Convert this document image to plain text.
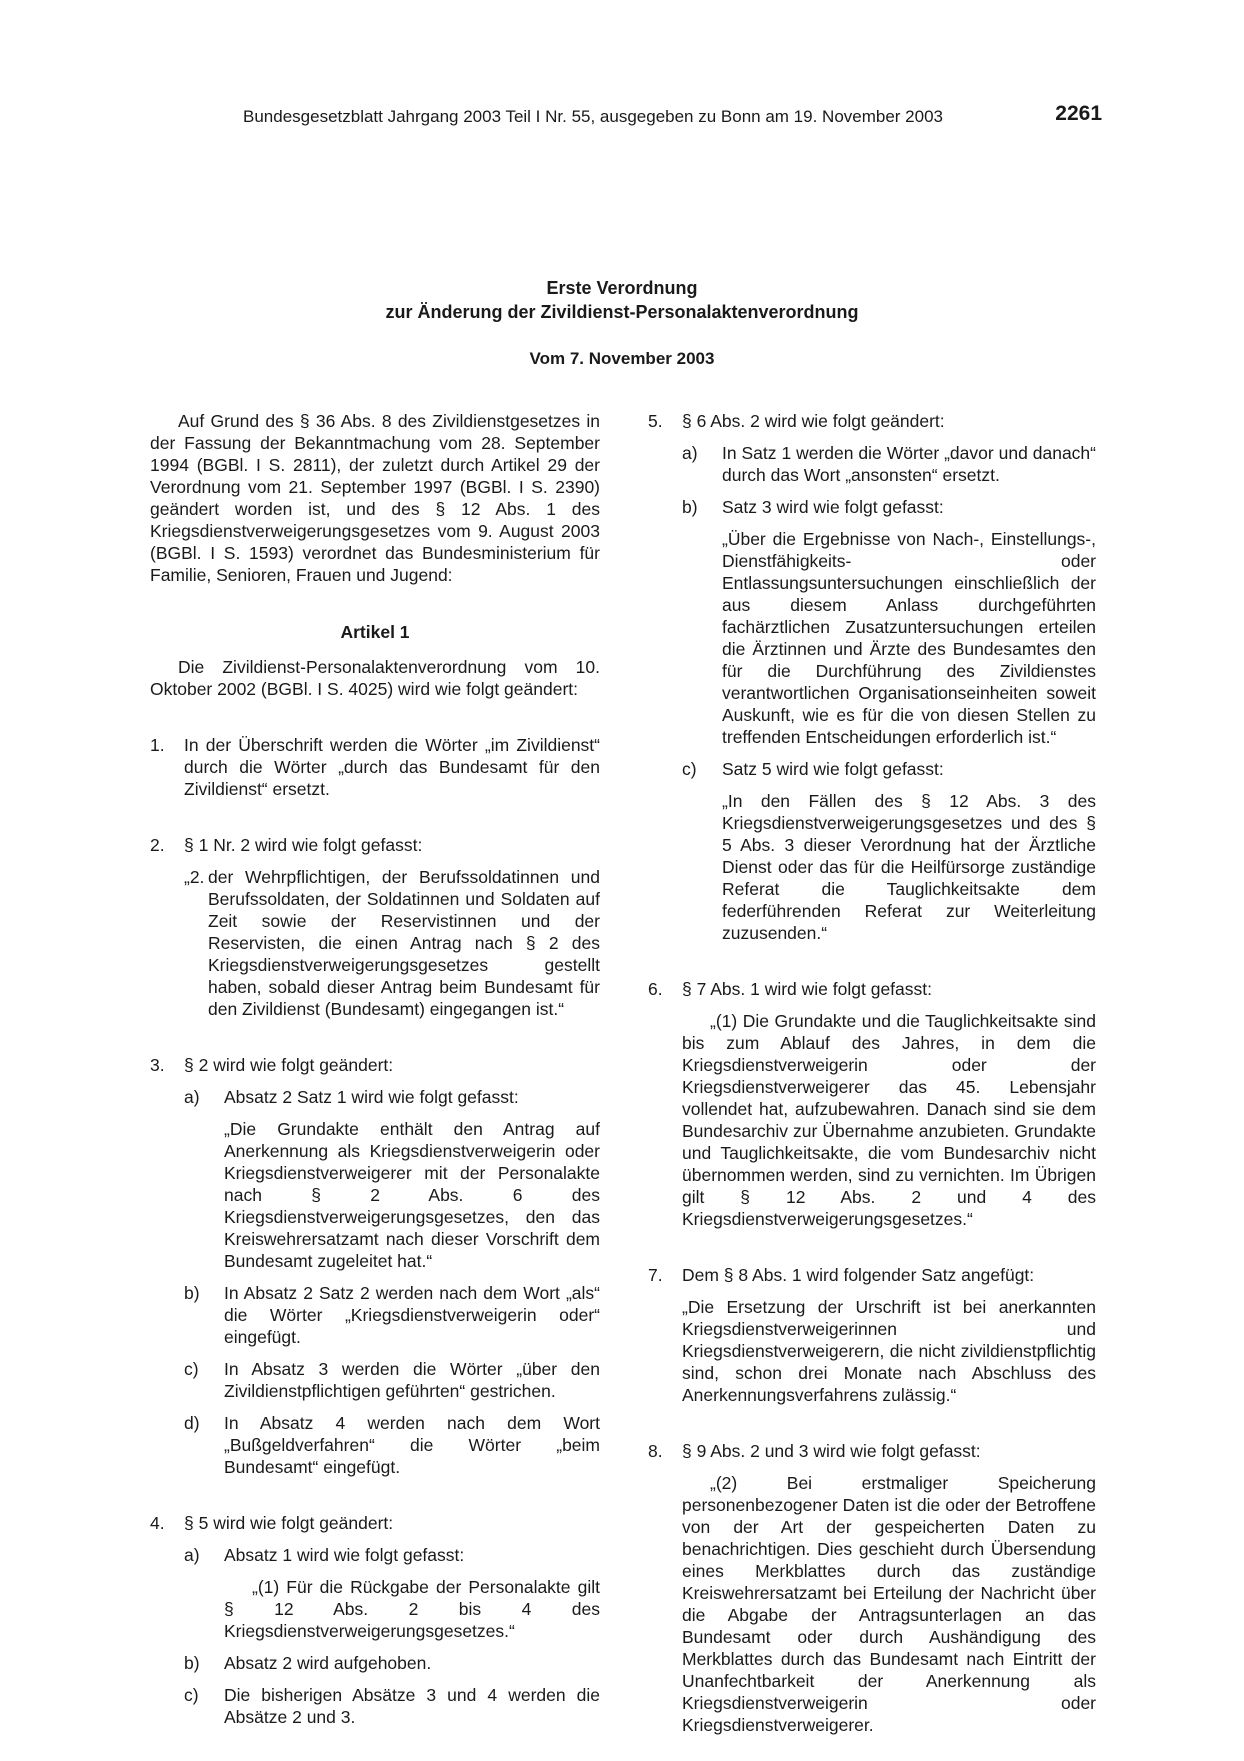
Bundesgesetzblatt Jahrgang 2003 Teil I Nr. 55, ausgegeben zu Bonn am 19. November 2003	2261
Erste Verordnung
zur Änderung der Zivildienst-Personalaktenverordnung
Vom 7. November 2003

Auf Grund des § 36 Abs. 8 des Zivildienstgesetzes in der Fassung der Bekanntmachung vom 28. September 1994 (BGBl. I S. 2811), der zuletzt durch Artikel 29 der Verordnung vom 21. September 1997 (BGBl. I S. 2390) geändert worden ist, und des § 12 Abs. 1 des Kriegsdienstverweigerungsgesetzes vom 9. August 2003 (BGBl. I S. 1593) verordnet das Bundesministerium für Familie, Senioren, Frauen und Jugend:

Artikel 1

Die Zivildienst-Personalaktenverordnung vom 10. Oktober 2002 (BGBl. I S. 4025) wird wie folgt geändert:

1. In der Überschrift werden die Wörter „im Zivildienst“ durch die Wörter „durch das Bundesamt für den Zivildienst“ ersetzt.

2. § 1 Nr. 2 wird wie folgt gefasst:

„2. der Wehrpflichtigen, der Berufssoldatinnen und Berufssoldaten, der Soldatinnen und Soldaten auf Zeit sowie der Reservistinnen und der Reservisten, die einen Antrag nach § 2 des Kriegsdienstverweigerungsgesetzes gestellt haben, sobald dieser Antrag beim Bundesamt für den Zivildienst (Bundesamt) eingegangen ist.“

3. § 2 wird wie folgt geändert:

a) Absatz 2 Satz 1 wird wie folgt gefasst:

„Die Grundakte enthält den Antrag auf Anerkennung als Kriegsdienstverweigerin oder Kriegsdienstverweigerer mit der Personalakte nach § 2 Abs. 6 des Kriegsdienstverweigerungsgesetzes, den das Kreiswehrersatzamt nach dieser Vorschrift dem Bundesamt zugeleitet hat.“

b) In Absatz 2 Satz 2 werden nach dem Wort „als“ die Wörter „Kriegsdienstverweigerin oder“ eingefügt.

c) In Absatz 3 werden die Wörter „über den Zivildienstpflichtigen geführten“ gestrichen.

d) In Absatz 4 werden nach dem Wort „Bußgeldverfahren“ die Wörter „beim Bundesamt“ eingefügt.

4. § 5 wird wie folgt geändert:

a) Absatz 1 wird wie folgt gefasst:

„(1) Für die Rückgabe der Personalakte gilt § 12 Abs. 2 bis 4 des Kriegsdienstverweigerungsgesetzes.“

b) Absatz 2 wird aufgehoben.

c) Die bisherigen Absätze 3 und 4 werden die Absätze 2 und 3.

5. § 6 Abs. 2 wird wie folgt geändert:

a) In Satz 1 werden die Wörter „davor und danach“ durch das Wort „ansonsten“ ersetzt.

b) Satz 3 wird wie folgt gefasst:

„Über die Ergebnisse von Nach-, Einstellungs-, Dienstfähigkeits- oder Entlassungsuntersuchungen einschließlich der aus diesem Anlass durchgeführten fachärztlichen Zusatzuntersuchungen erteilen die Ärztinnen und Ärzte des Bundesamtes den für die Durchführung des Zivildienstes verantwortlichen Organisationseinheiten soweit Auskunft, wie es für die von diesen Stellen zu treffenden Entscheidungen erforderlich ist.“

c) Satz 5 wird wie folgt gefasst:

„In den Fällen des § 12 Abs. 3 des Kriegsdienstverweigerungsgesetzes und des § 5 Abs. 3 dieser Verordnung hat der Ärztliche Dienst oder das für die Heilfürsorge zuständige Referat die Tauglichkeitsakte dem federführenden Referat zur Weiterleitung zuzusenden.“

6. § 7 Abs. 1 wird wie folgt gefasst:

„(1) Die Grundakte und die Tauglichkeitsakte sind bis zum Ablauf des Jahres, in dem die Kriegsdienstverweigerin oder der Kriegsdienstverweigerer das 45. Lebensjahr vollendet hat, aufzubewahren. Danach sind sie dem Bundesarchiv zur Übernahme anzubieten. Grundakte und Tauglichkeitsakte, die vom Bundesarchiv nicht übernommen werden, sind zu vernichten. Im Übrigen gilt § 12 Abs. 2 und 4 des Kriegsdienstverweigerungsgesetzes.“

7. Dem § 8 Abs. 1 wird folgender Satz angefügt:

„Die Ersetzung der Urschrift ist bei anerkannten Kriegsdienstverweigerinnen und Kriegsdienstverweigerern, die nicht zivildienstpflichtig sind, schon drei Monate nach Abschluss des Anerkennungsverfahrens zulässig.“

8. § 9 Abs. 2 und 3 wird wie folgt gefasst:

„(2) Bei erstmaliger Speicherung personenbezogener Daten ist die oder der Betroffene von der Art der gespeicherten Daten zu benachrichtigen. Dies geschieht durch Übersendung eines Merkblattes durch das zuständige Kreiswehrersatzamt bei Erteilung der Nachricht über die Abgabe der Antragsunterlagen an das Bundesamt oder durch Aushändigung des Merkblattes durch das Bundesamt nach Eintritt der Unanfechtbarkeit der Anerkennung als Kriegsdienstverweigerin oder Kriegsdienstverweigerer.
